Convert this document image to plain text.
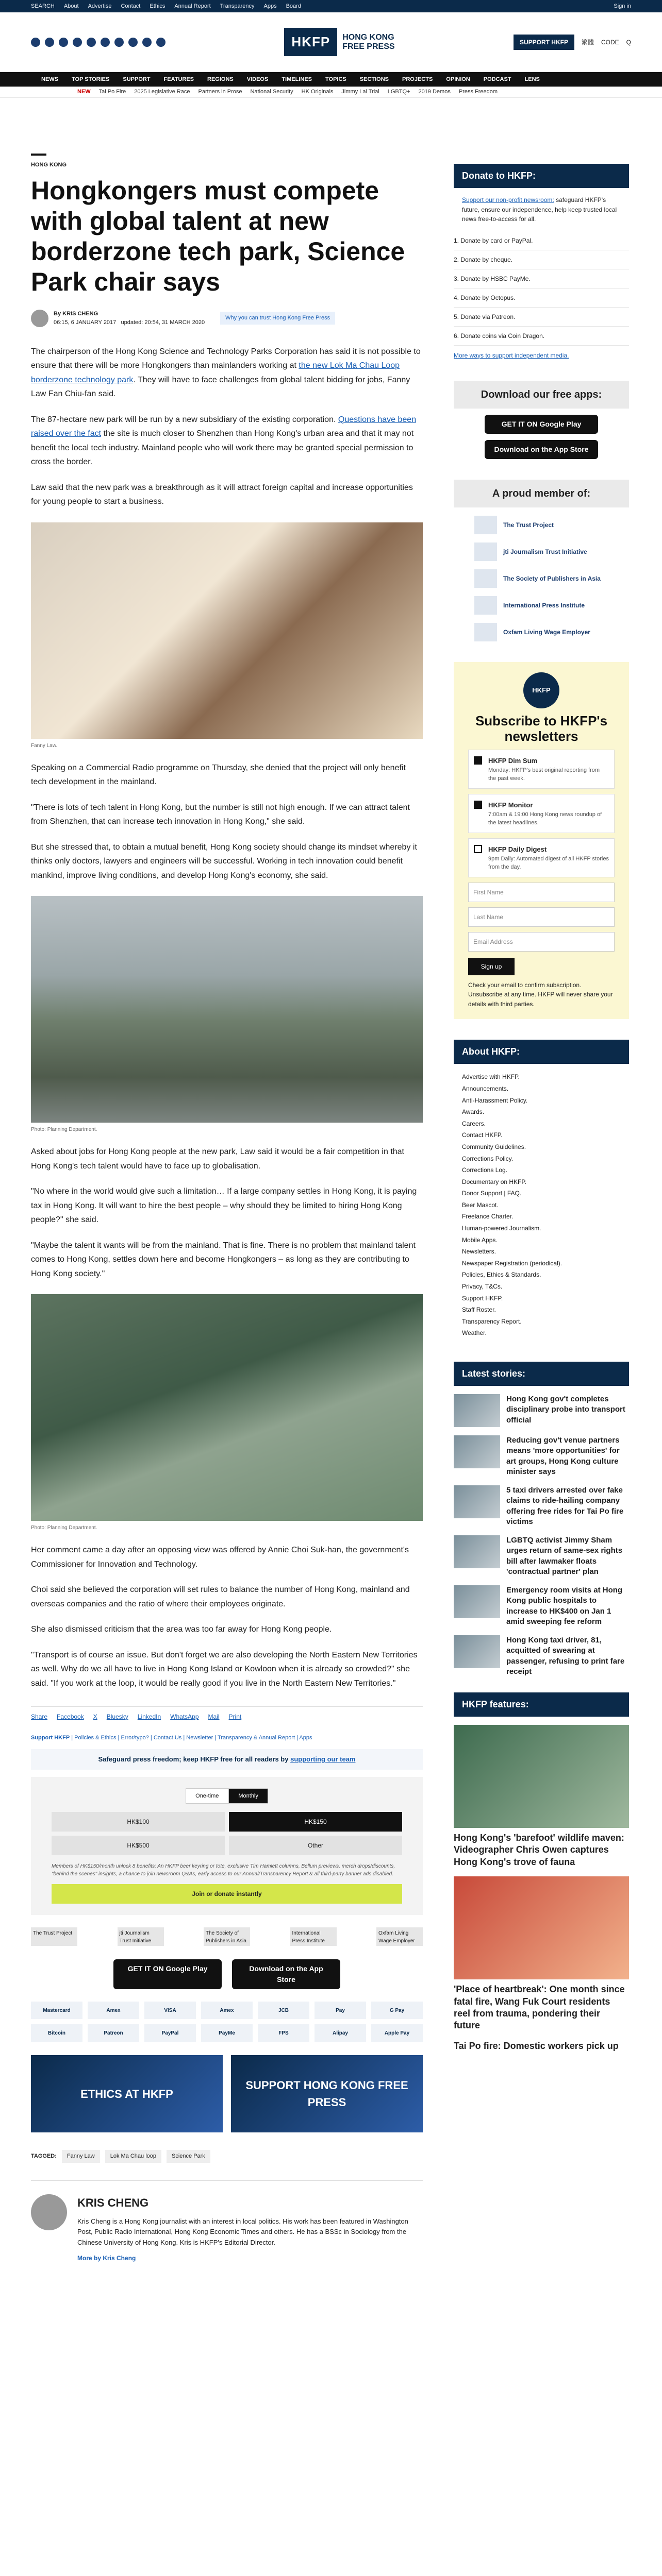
SEARCH About Advertise Contact Ethics Annual Report Transparency Apps Board	Sign in
HKFP	HONG KONG
FREE PRESS	SUPPORT HKFP	繁體 CODE Q
NEWS TOP STORIES SUPPORT FEATURES REGIONS VIDEOS TIMELINES TOPICS SECTIONS PROJECTS OPINION PODCAST LENS
NEW Tai Po Fire 2025 Legislative Race Partners in Prose National Security HK Originals Jimmy Lai Trial LGBTQ+ 2019 Demos Press Freedom
HONG KONG
Hongkongers must compete with global talent at new borderzone tech park, Science Park chair says
By KRIS CHENG
06:15, 6 JANUARY 2017 updated: 20:54, 31 MARCH 2020
Why you can trust Hong Kong Free Press

The chairperson of the Hong Kong Science and Technology Parks Corporation has said it is not possible to ensure that there will be more Hongkongers than mainlanders working at the new Lok Ma Chau Loop borderzone technology park. They will have to face challenges from global talent bidding for jobs, Fanny Law Fan Chiu-fan said.

The 87-hectare new park will be run by a new subsidiary of the existing corporation. Questions have been raised over the fact the site is much closer to Shenzhen than Hong Kong's urban area and that it may not benefit the local tech industry. Mainland people who will work there may be granted special permission to cross the border.

Law said that the new park was a breakthrough as it will attract foreign capital and increase opportunities for young people to start a business.

Fanny Law.

Speaking on a Commercial Radio programme on Thursday, she denied that the project will only benefit tech development in the mainland.

"There is lots of tech talent in Hong Kong, but the number is still not high enough. If we can attract talent from Shenzhen, that can increase tech innovation in Hong Kong," she said.

But she stressed that, to obtain a mutual benefit, Hong Kong society should change its mindset whereby it thinks only doctors, lawyers and engineers will be successful. Working in tech innovation could benefit mankind, improve living conditions, and develop Hong Kong's economy, she said.

Photo: Planning Department.

Asked about jobs for Hong Kong people at the new park, Law said it would be a fair competition in that Hong Kong's tech talent would have to face up to globalisation.

"No where in the world would give such a limitation… If a large company settles in Hong Kong, it is paying tax in Hong Kong. It will want to hire the best people – why should they be limited to hiring Hong Kong people?" she said.

"Maybe the talent it wants will be from the mainland. That is fine. There is no problem that mainland talent comes to Hong Kong, settles down here and become Hongkongers – as long as they are contributing to Hong Kong society."

Photo: Planning Department.

Her comment came a day after an opposing view was offered by Annie Choi Suk-han, the government's Commissioner for Innovation and Technology.

Choi said she believed the corporation will set rules to balance the number of Hong Kong, mainland and overseas companies and the ratio of where their employees originate.

She also dismissed criticism that the area was too far away for Hong Kong people.

"Transport is of course an issue. But don't forget we are also developing the North Eastern New Territories as well. Why do we all have to live in Hong Kong Island or Kowloon when it is already so crowded?" she said. "If you work at the loop, it would be really good if you live in the North Eastern New Territories."

Share Facebook X Bluesky LinkedIn WhatsApp Mail Print
Support HKFP | Policies & Ethics | Error/typo? | Contact Us | Newsletter | Transparency & Annual Report | Apps
Safeguard press freedom; keep HKFP free for all readers by supporting our team
One-time	Monthly
HK$100	HK$150
HK$500	Other
Members of HK$150/month unlock 8 benefits: An HKFP beer keyring or tote, exclusive Tim Hamlett columns, Bellum previews, merch drops/discounts, "behind the scenes" insights, a chance to join newsroom Q&As, early access to our Annual/Transparency Report & all third-party banner ads disabled.
Join or donate instantly
The Trust Project	jti Journalism Trust Initiative
The Society of Publishers in Asia
International Press Institute
Oxfam Living Wage Employer
GET IT ON Google Play	Download on the App Store
Mastercard	Amex	VISA	Amex	JCB	Pay	G Pay
Bitcoin	Patreon	PayPal	PayMe	FPS	Alipay	Apple Pay
ETHICS AT HKFP
SUPPORT HONG KONG FREE PRESS
TAGGED:	Fanny Law	Lok Ma Chau loop	Science Park
KRIS CHENG

Kris Cheng is a Hong Kong journalist with an interest in local politics. His work has been featured in Washington Post, Public Radio International, Hong Kong Economic Times and others. He has a BSSc in Sociology from the Chinese University of Hong Kong. Kris is HKFP's Editorial Director.

More by Kris Cheng
Donate to HKFP:
Support our non-profit newsroom: safeguard HKFP's future, ensure our independence, help keep trusted local news free-to-access for all.
1. Donate by card or PayPal.
2. Donate by cheque.
3. Donate by HSBC PayMe.
4. Donate by Octopus.
5. Donate via Patreon.
6. Donate coins via Coin Dragon.
More ways to support independent media.
Download our free apps:
GET IT ON Google Play
Download on the App Store
A proud member of:
The Trust Project
jti Journalism Trust Initiative
The Society of Publishers in Asia
International Press Institute
Oxfam Living Wage Employer
HKFP
Subscribe to HKFP's newsletters
HKFP Dim Sum
Monday: HKFP's best original reporting from the past week.
HKFP Monitor
7:00am & 19:00 Hong Kong news roundup of the latest headlines.
HKFP Daily Digest
9pm Daily: Automated digest of all HKFP stories from the day.
First Name
Last Name
Email Address
Sign up
Check your email to confirm subscription. Unsubscribe at any time. HKFP will never share your details with third parties.
About HKFP:
Advertise with HKFP.
Announcements.
Anti-Harassment Policy.
Awards.
Careers.
Contact HKFP.
Community Guidelines.
Corrections Policy.
Corrections Log.
Documentary on HKFP.
Donor Support | FAQ.
Beer Mascot.
Freelance Charter.
Human-powered Journalism.
Mobile Apps.
Newsletters.
Newspaper Registration (periodical).
Policies, Ethics & Standards.
Privacy, T&Cs.
Support HKFP.
Staff Roster.
Transparency Report.
Weather.
Latest stories:
Hong Kong gov't completes disciplinary probe into transport official
Reducing gov't venue partners means 'more opportunities' for art groups, Hong Kong culture minister says
5 taxi drivers arrested over fake claims to ride-hailing company offering free rides for Tai Po fire victims
LGBTQ activist Jimmy Sham urges return of same-sex rights bill after lawmaker floats 'contractual partner' plan
Emergency room visits at Hong Kong public hospitals to increase to HK$400 on Jan 1 amid sweeping fee reform
Hong Kong taxi driver, 81, acquitted of swearing at passenger, refusing to print fare receipt
HKFP features:
Hong Kong's 'barefoot' wildlife maven: Videographer Chris Owen captures Hong Kong's trove of fauna
'Place of heartbreak': One month since fatal fire, Wang Fuk Court residents reel from trauma, pondering their future
Tai Po fire: Domestic workers pick up
